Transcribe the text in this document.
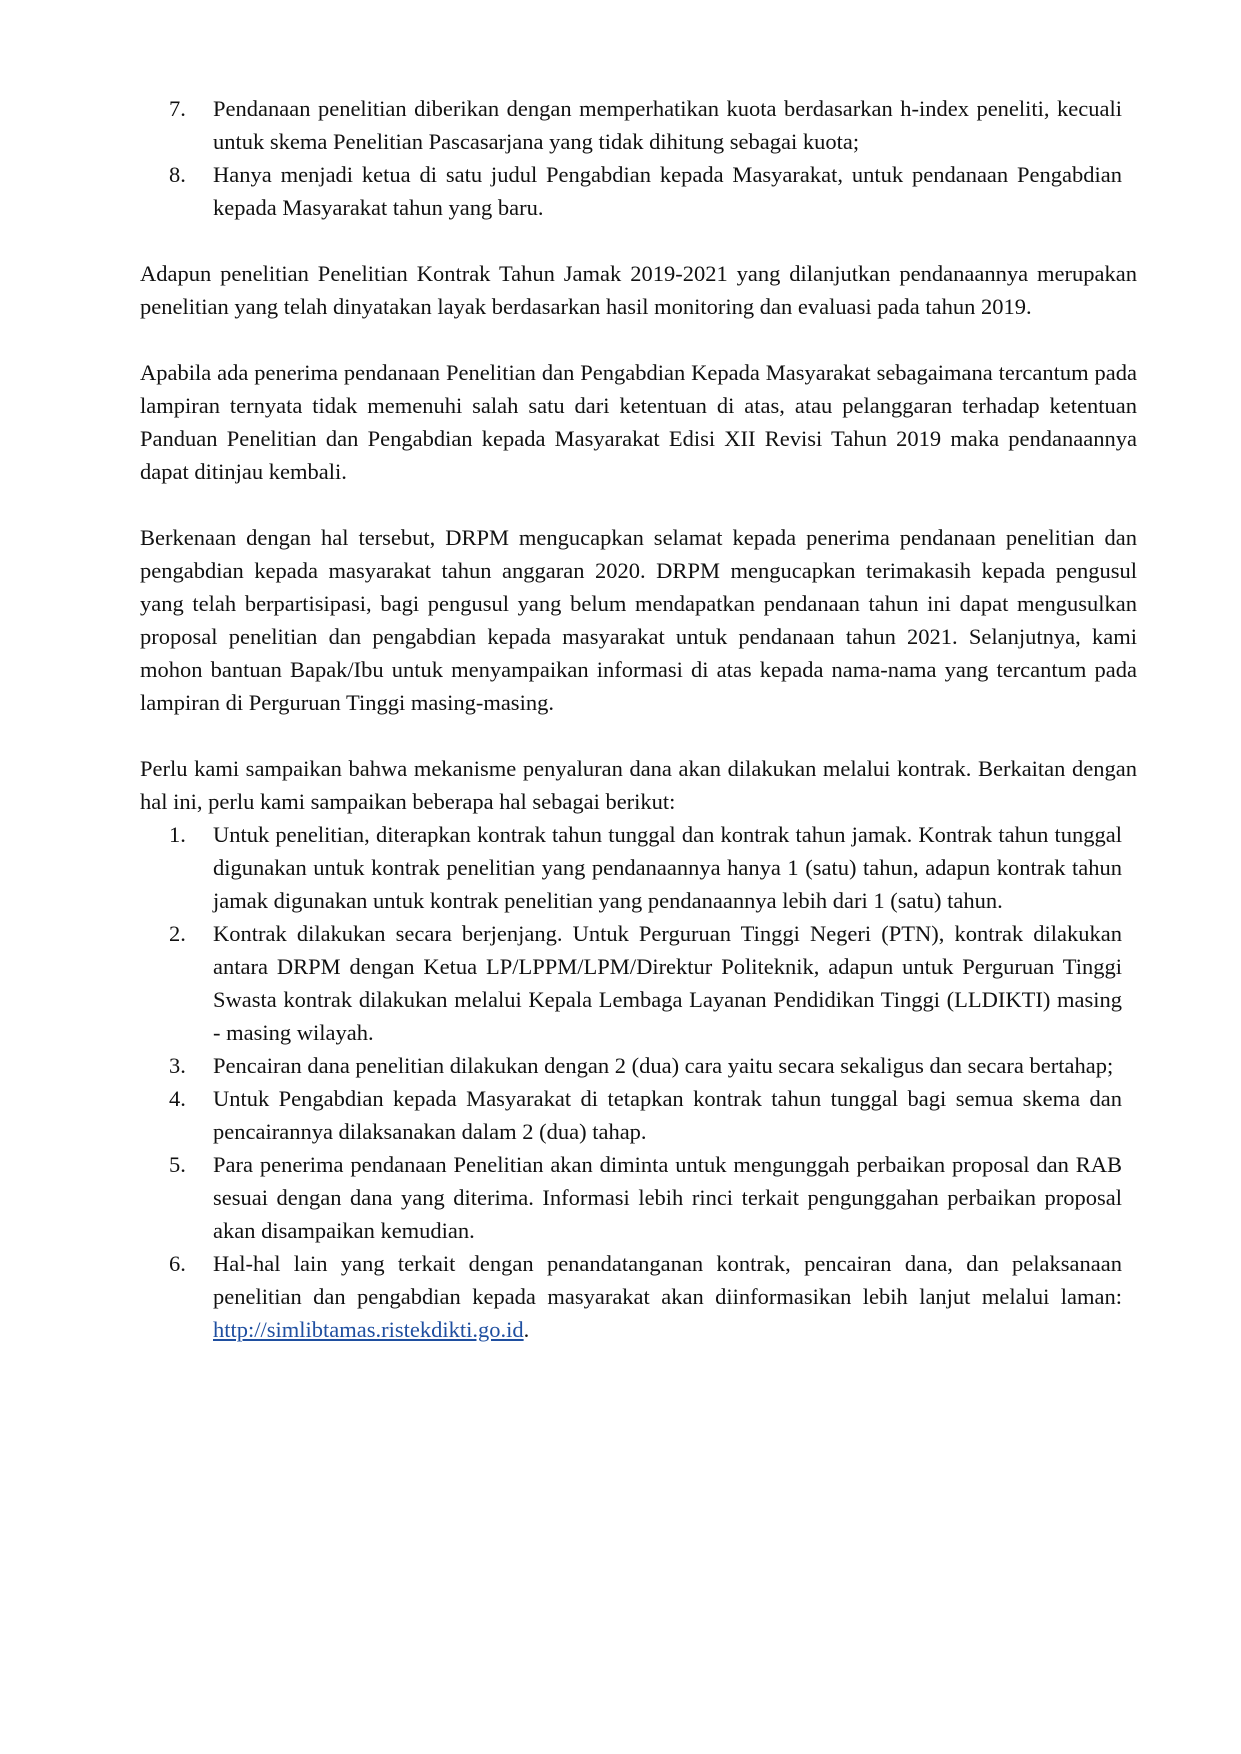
7. Pendanaan penelitian diberikan dengan memperhatikan kuota berdasarkan h-index peneliti, kecuali untuk skema Penelitian Pascasarjana yang tidak dihitung sebagai kuota;
8. Hanya menjadi ketua di satu judul Pengabdian kepada Masyarakat, untuk pendanaan Pengabdian kepada Masyarakat tahun yang baru.

Adapun penelitian Penelitian Kontrak Tahun Jamak 2019-2021 yang dilanjutkan pendanaannya merupakan penelitian yang telah dinyatakan layak berdasarkan hasil monitoring dan evaluasi pada tahun 2019.

Apabila ada penerima pendanaan Penelitian dan Pengabdian Kepada Masyarakat sebagaimana tercantum pada lampiran ternyata tidak memenuhi salah satu dari ketentuan di atas, atau pelanggaran terhadap ketentuan Panduan Penelitian dan Pengabdian kepada Masyarakat Edisi XII Revisi Tahun 2019 maka pendanaannya dapat ditinjau kembali.

Berkenaan dengan hal tersebut, DRPM mengucapkan selamat kepada penerima pendanaan penelitian dan pengabdian kepada masyarakat tahun anggaran 2020. DRPM mengucapkan terimakasih kepada pengusul yang telah berpartisipasi, bagi pengusul yang belum mendapatkan pendanaan tahun ini dapat mengusulkan proposal penelitian dan pengabdian kepada masyarakat untuk pendanaan tahun 2021. Selanjutnya, kami mohon bantuan Bapak/Ibu untuk menyampaikan informasi di atas kepada nama-nama yang tercantum pada lampiran di Perguruan Tinggi masing-masing.

Perlu kami sampaikan bahwa mekanisme penyaluran dana akan dilakukan melalui kontrak. Berkaitan dengan hal ini, perlu kami sampaikan beberapa hal sebagai berikut:

1. Untuk penelitian, diterapkan kontrak tahun tunggal dan kontrak tahun jamak. Kontrak tahun tunggal digunakan untuk kontrak penelitian yang pendanaannya hanya 1 (satu) tahun, adapun kontrak tahun jamak digunakan untuk kontrak penelitian yang pendanaannya lebih dari 1 (satu) tahun.
2. Kontrak dilakukan secara berjenjang. Untuk Perguruan Tinggi Negeri (PTN), kontrak dilakukan antara DRPM dengan Ketua LP/LPPM/LPM/Direktur Politeknik, adapun untuk Perguruan Tinggi Swasta kontrak dilakukan melalui Kepala Lembaga Layanan Pendidikan Tinggi (LLDIKTI) masing - masing wilayah.
3. Pencairan dana penelitian dilakukan dengan 2 (dua) cara yaitu secara sekaligus dan secara bertahap;
4. Untuk Pengabdian kepada Masyarakat di tetapkan kontrak tahun tunggal bagi semua skema dan pencairannya dilaksanakan dalam 2 (dua) tahap.
5. Para penerima pendanaan Penelitian akan diminta untuk mengunggah perbaikan proposal dan RAB sesuai dengan dana yang diterima. Informasi lebih rinci terkait pengunggahan perbaikan proposal akan disampaikan kemudian.
6. Hal-hal lain yang terkait dengan penandatanganan kontrak, pencairan dana, dan pelaksanaan penelitian dan pengabdian kepada masyarakat akan diinformasikan lebih lanjut melalui laman: http://simlibtamas.ristekdikti.go.id.
